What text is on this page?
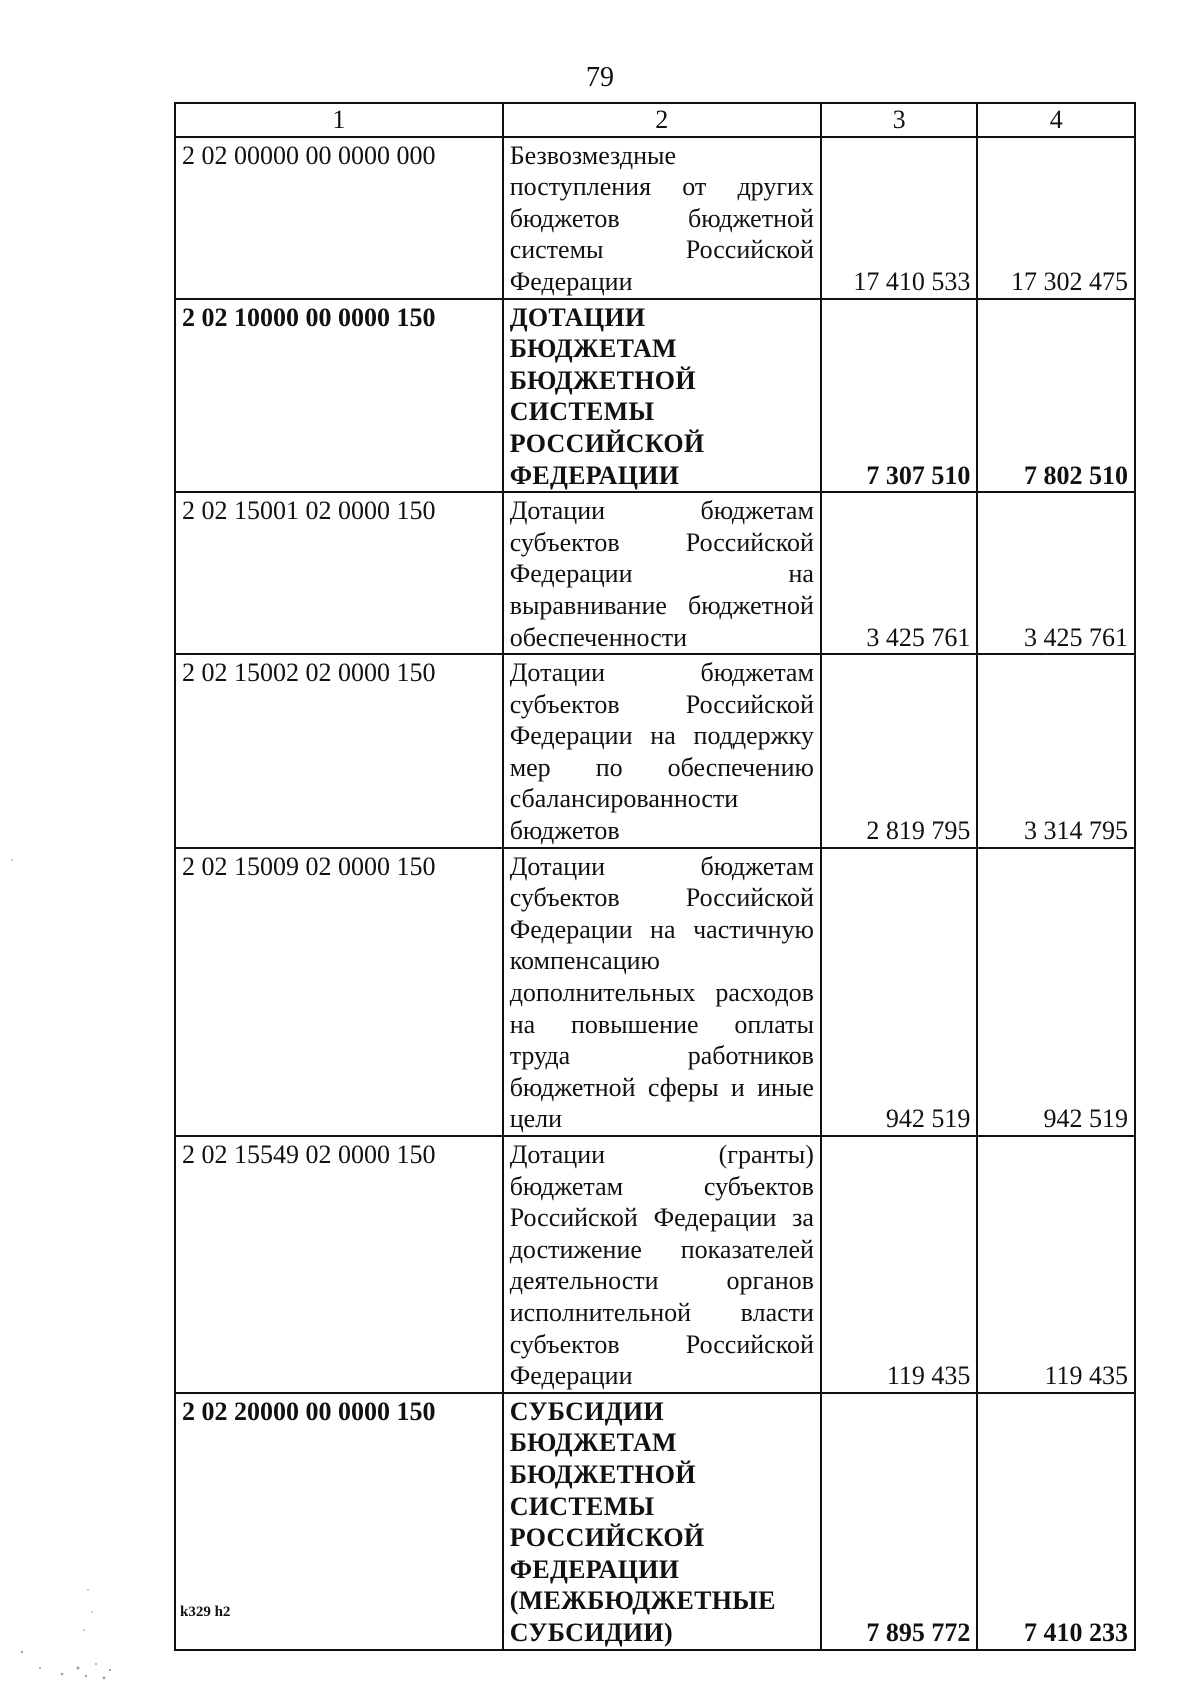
79
1	2	3	4
2 02 00000 00 0000 000	Безвозмездные поступления от других бюджетов бюджетной системы Российской Федерации	17 410 533	17 302 475
2 02 10000 00 0000 150	ДОТАЦИИ БЮДЖЕТАМ БЮДЖЕТНОЙ СИСТЕМЫ РОССИЙСКОЙ ФЕДЕРАЦИИ	7 307 510	7 802 510
2 02 15001 02 0000 150	Дотации бюджетам субъектов Российской Федерации на выравнивание бюджетной обеспеченности	3 425 761	3 425 761
2 02 15002 02 0000 150	Дотации бюджетам субъектов Российской Федерации на поддержку мер по обеспечению сбалансированности бюджетов	2 819 795	3 314 795
2 02 15009 02 0000 150	Дотации бюджетам субъектов Российской Федерации на частичную компенсацию дополнительных расходов на повышение оплаты труда работников бюджетной сферы и иные цели	942 519	942 519
2 02 15549 02 0000 150	Дотации (гранты) бюджетам субъектов Российской Федерации за достижение показателей деятельности органов исполнительной власти субъектов Российской Федерации	119 435	119 435
2 02 20000 00 0000 150	СУБСИДИИ БЮДЖЕТАМ БЮДЖЕТНОЙ СИСТЕМЫ РОССИЙСКОЙ ФЕДЕРАЦИИ (МЕЖБЮДЖЕТНЫЕ СУБСИДИИ)	7 895 772	7 410 233
k329 h2
